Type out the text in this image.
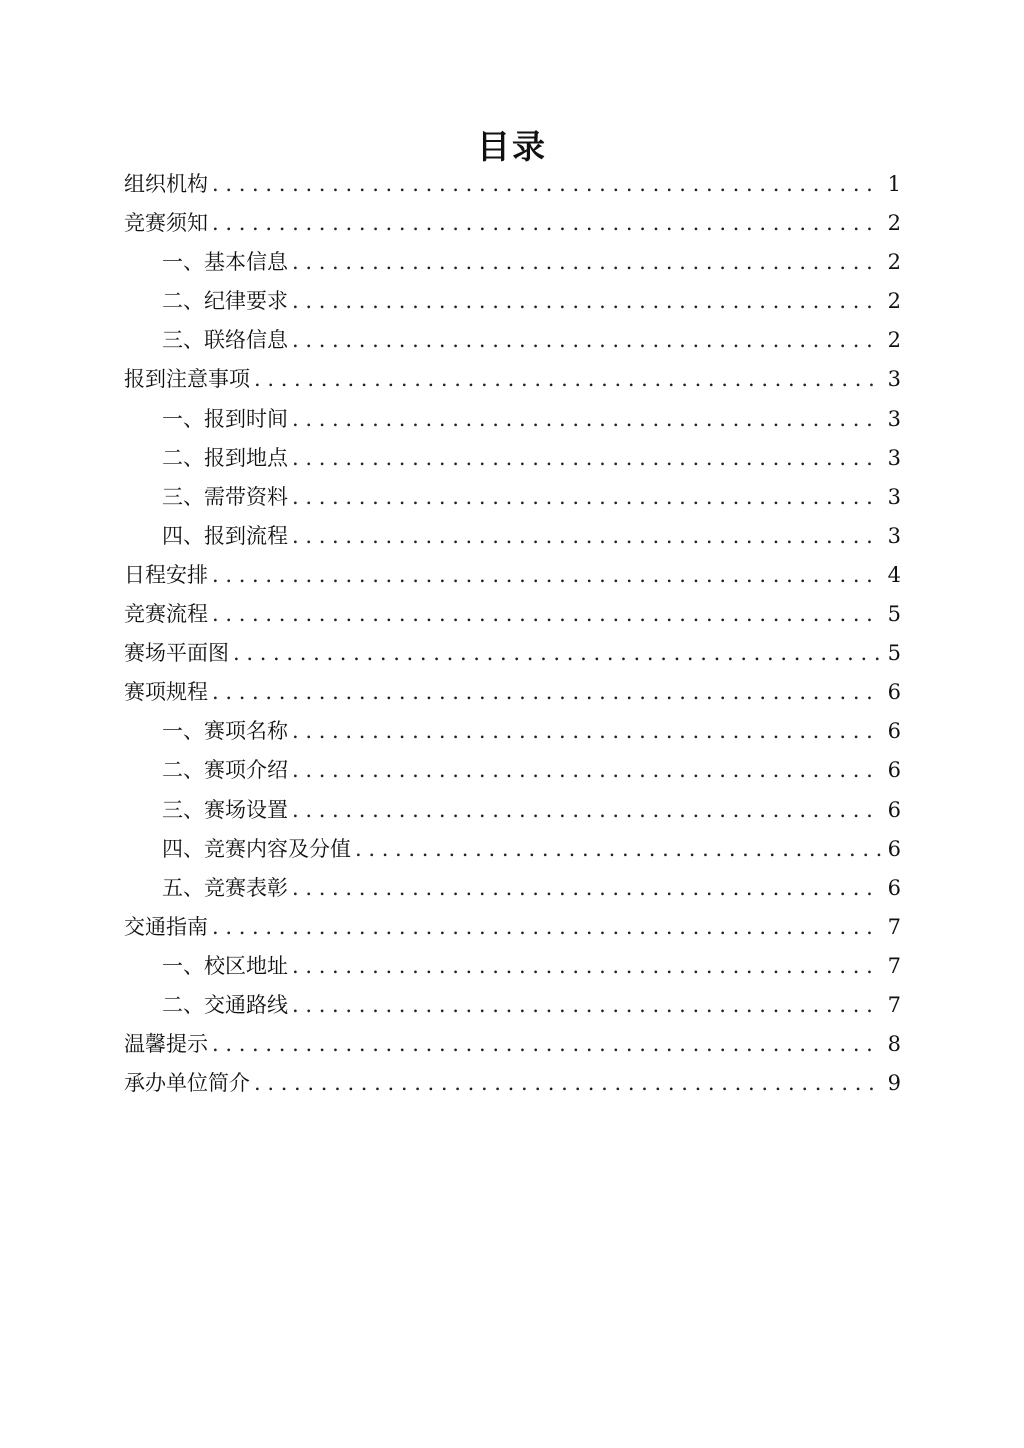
目录
组织机构 . . .	1
竞赛须知 . . .	2
一、基本信息 . . .	2
二、纪律要求 . . .	2
三、联络信息 . . .	2
报到注意事项 . . .	3
一、报到时间 . . .	3
二、报到地点 . . .	3
三、需带资料 . . .	3
四、报到流程 . . .	3
日程安排 . . .	4
竞赛流程 . . .	5
赛场平面图 . . .	5
赛项规程 . . .	6
一、赛项名称 . . .	6
二、赛项介绍 . . .	6
三、赛场设置 . . .	6
四、竞赛内容及分值 . . .	6
五、竞赛表彰 . . .	6
交通指南 . . .	7
一、校区地址 . . .	7
二、交通路线 . . .	7
温馨提示 . . .	8
承办单位简介 . . .	9
